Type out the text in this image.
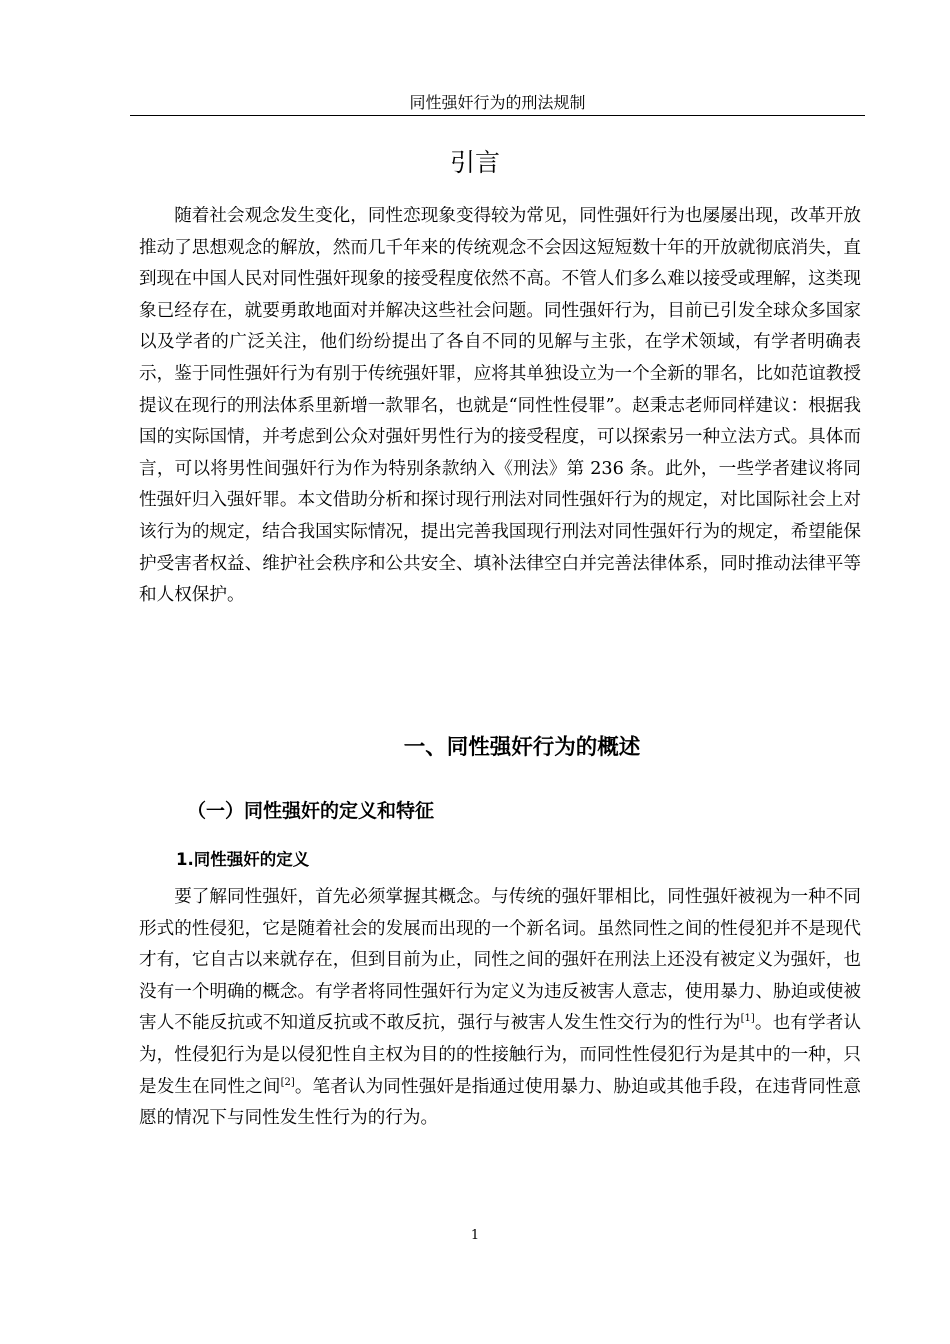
同性强奸行为的刑法规制
引言

随着社会观念发生变化，同性恋现象变得较为常见，同性强奸行为也屡屡出现，改革开放推动了思想观念的解放，然而几千年来的传统观念不会因这短短数十年的开放就彻底消失，直到现在中国人民对同性强奸现象的接受程度依然不高。不管人们多么难以接受或理解，这类现象已经存在，就要勇敢地面对并解决这些社会问题。同性强奸行为，目前已引发全球众多国家以及学者的广泛关注，他们纷纷提出了各自不同的见解与主张，在学术领域，有学者明确表示，鉴于同性强奸行为有别于传统强奸罪，应将其单独设立为一个全新的罪名，比如范谊教授提议在现行的刑法体系里新增一款罪名，也就是“同性性侵罪”。赵秉志老师同样建议：根据我国的实际国情，并考虑到公众对强奸男性行为的接受程度，可以探索另一种立法方式。具体而言，可以将男性间强奸行为作为特别条款纳入《刑法》第 236 条。此外，一些学者建议将同性强奸归入强奸罪。本文借助分析和探讨现行刑法对同性强奸行为的规定，对比国际社会上对该行为的规定，结合我国实际情况，提出完善我国现行刑法对同性强奸行为的规定，希望能保护受害者权益、维护社会秩序和公共安全、填补法律空白并完善法律体系，同时推动法律平等和人权保护。

一、同性强奸行为的概述
（一）同性强奸的定义和特征
1.同性强奸的定义

要了解同性强奸，首先必须掌握其概念。与传统的强奸罪相比，同性强奸被视为一种不同形式的性侵犯，它是随着社会的发展而出现的一个新名词。虽然同性之间的性侵犯并不是现代才有，它自古以来就存在，但到目前为止，同性之间的强奸在刑法上还没有被定义为强奸，也没有一个明确的概念。有学者将同性强奸行为定义为违反被害人意志，使用暴力、胁迫或使被害人不能反抗或不知道反抗或不敢反抗，强行与被害人发生性交行为的性行为[1]。也有学者认为，性侵犯行为是以侵犯性自主权为目的的性接触行为，而同性性侵犯行为是其中的一种，只是发生在同性之间[2]。笔者认为同性强奸是指通过使用暴力、胁迫或其他手段，在违背同性意愿的情况下与同性发生性行为的行为。

1
